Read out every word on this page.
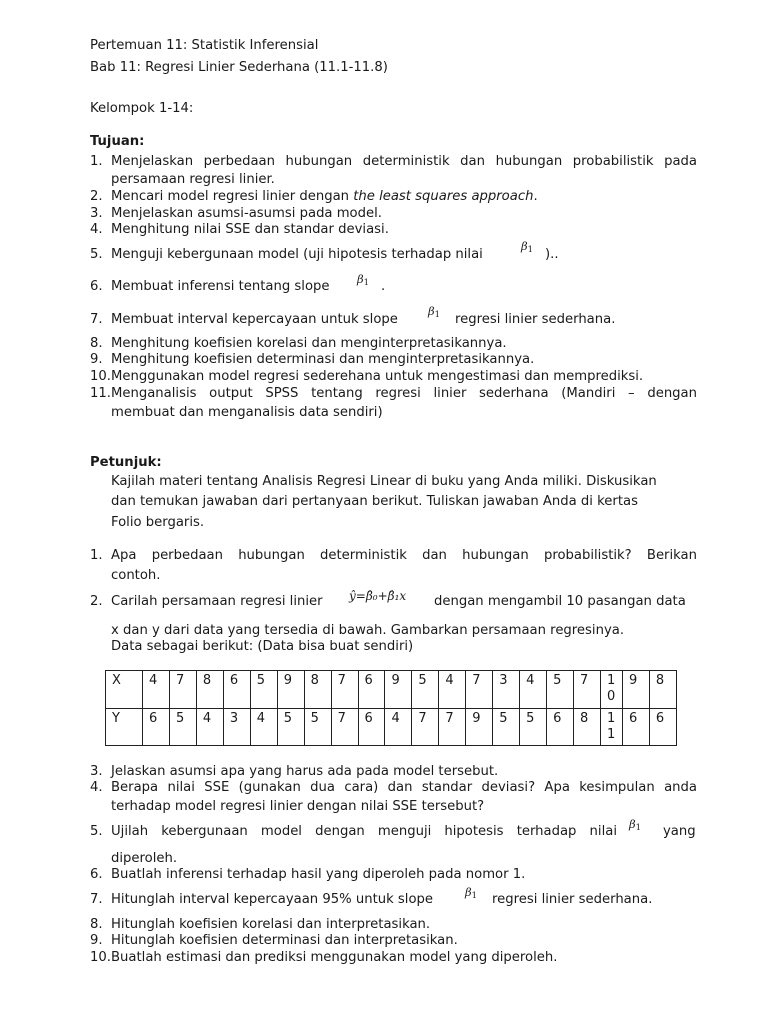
Pertemuan 11: Statistik Inferensial
Bab 11: Regresi Linier Sederhana (11.1-11.8)
Kelompok 1-14:
Tujuan:
1. Menjelaskan perbedaan hubungan deterministik dan hubungan probabilistik pada
persamaan regresi linier.
2. Mencari model regresi linier dengan the least squares approach.
3. Menjelaskan asumsi-asumsi pada model.
4. Menghitung nilai SSE dan standar deviasi.
5. Menguji kebergunaan model (uji hipotesis terhadap nilai
$\beta_1$ )..
6. Membuat inferensi tentang slope $\beta_1$ .
7. Membuat interval kepercayaan untuk slope
$\beta_1$ regresi linier sederhana.
8. Menghitung koefisien korelasi dan menginterpretasikannya.
9. Menghitung koefisien determinasi dan menginterpretasikannya.
10. Menggunakan model regresi sederehana untuk mengestimasi dan memprediksi.
11. Menganalisis output SPSS tentang regresi linier sederhana (Mandiri – dengan
membuat dan menganalisis data sendiri)
Petunjuk:
Kajilah materi tentang Analisis Regresi Linear di buku yang Anda miliki. Diskusikan
dan temukan jawaban dari pertanyaan berikut. Tuliskan jawaban Anda di kertas
Folio bergaris.
1. Apa perbedaan hubungan deterministik dan hubungan probabilistik? Berikan
contoh.
2. Carilah persamaan regresi linier ŷ=β̂₀+β̂₁x dengan mengambil 10 pasangan data
x dan y dari data yang tersedia di bawah. Gambarkan persamaan regresinya.
Data sebagai berikut: (Data bisa buat sendiri)
X	4	7	8	6	5	9	8	7	6	9	5	4	7	3	4	5	7	10	9	8
Y	6	5	4	3	4	5	5	7	6	4	7	7	9	5	5	6	8	11	6	6
3. Jelaskan asumsi apa yang harus ada pada model tersebut.
4. Berapa nilai SSE (gunakan dua cara) dan standar deviasi? Apa kesimpulan anda
terhadap model regresi linier dengan nilai SSE tersebut?
5. Ujilah kebergunaan model dengan menguji hipotesis terhadap nilai $\beta_1$ yang
diperoleh.
6. Buatlah inferensi terhadap hasil yang diperoleh pada nomor 1.
7. Hitunglah interval kepercayaan 95% untuk slope	$\beta_1$ regresi linier sederhana.
8. Hitunglah koefisien korelasi dan interpretasikan.
9. Hitunglah koefisien determinasi dan interpretasikan.
10. Buatlah estimasi dan prediksi menggunakan model yang diperoleh.
